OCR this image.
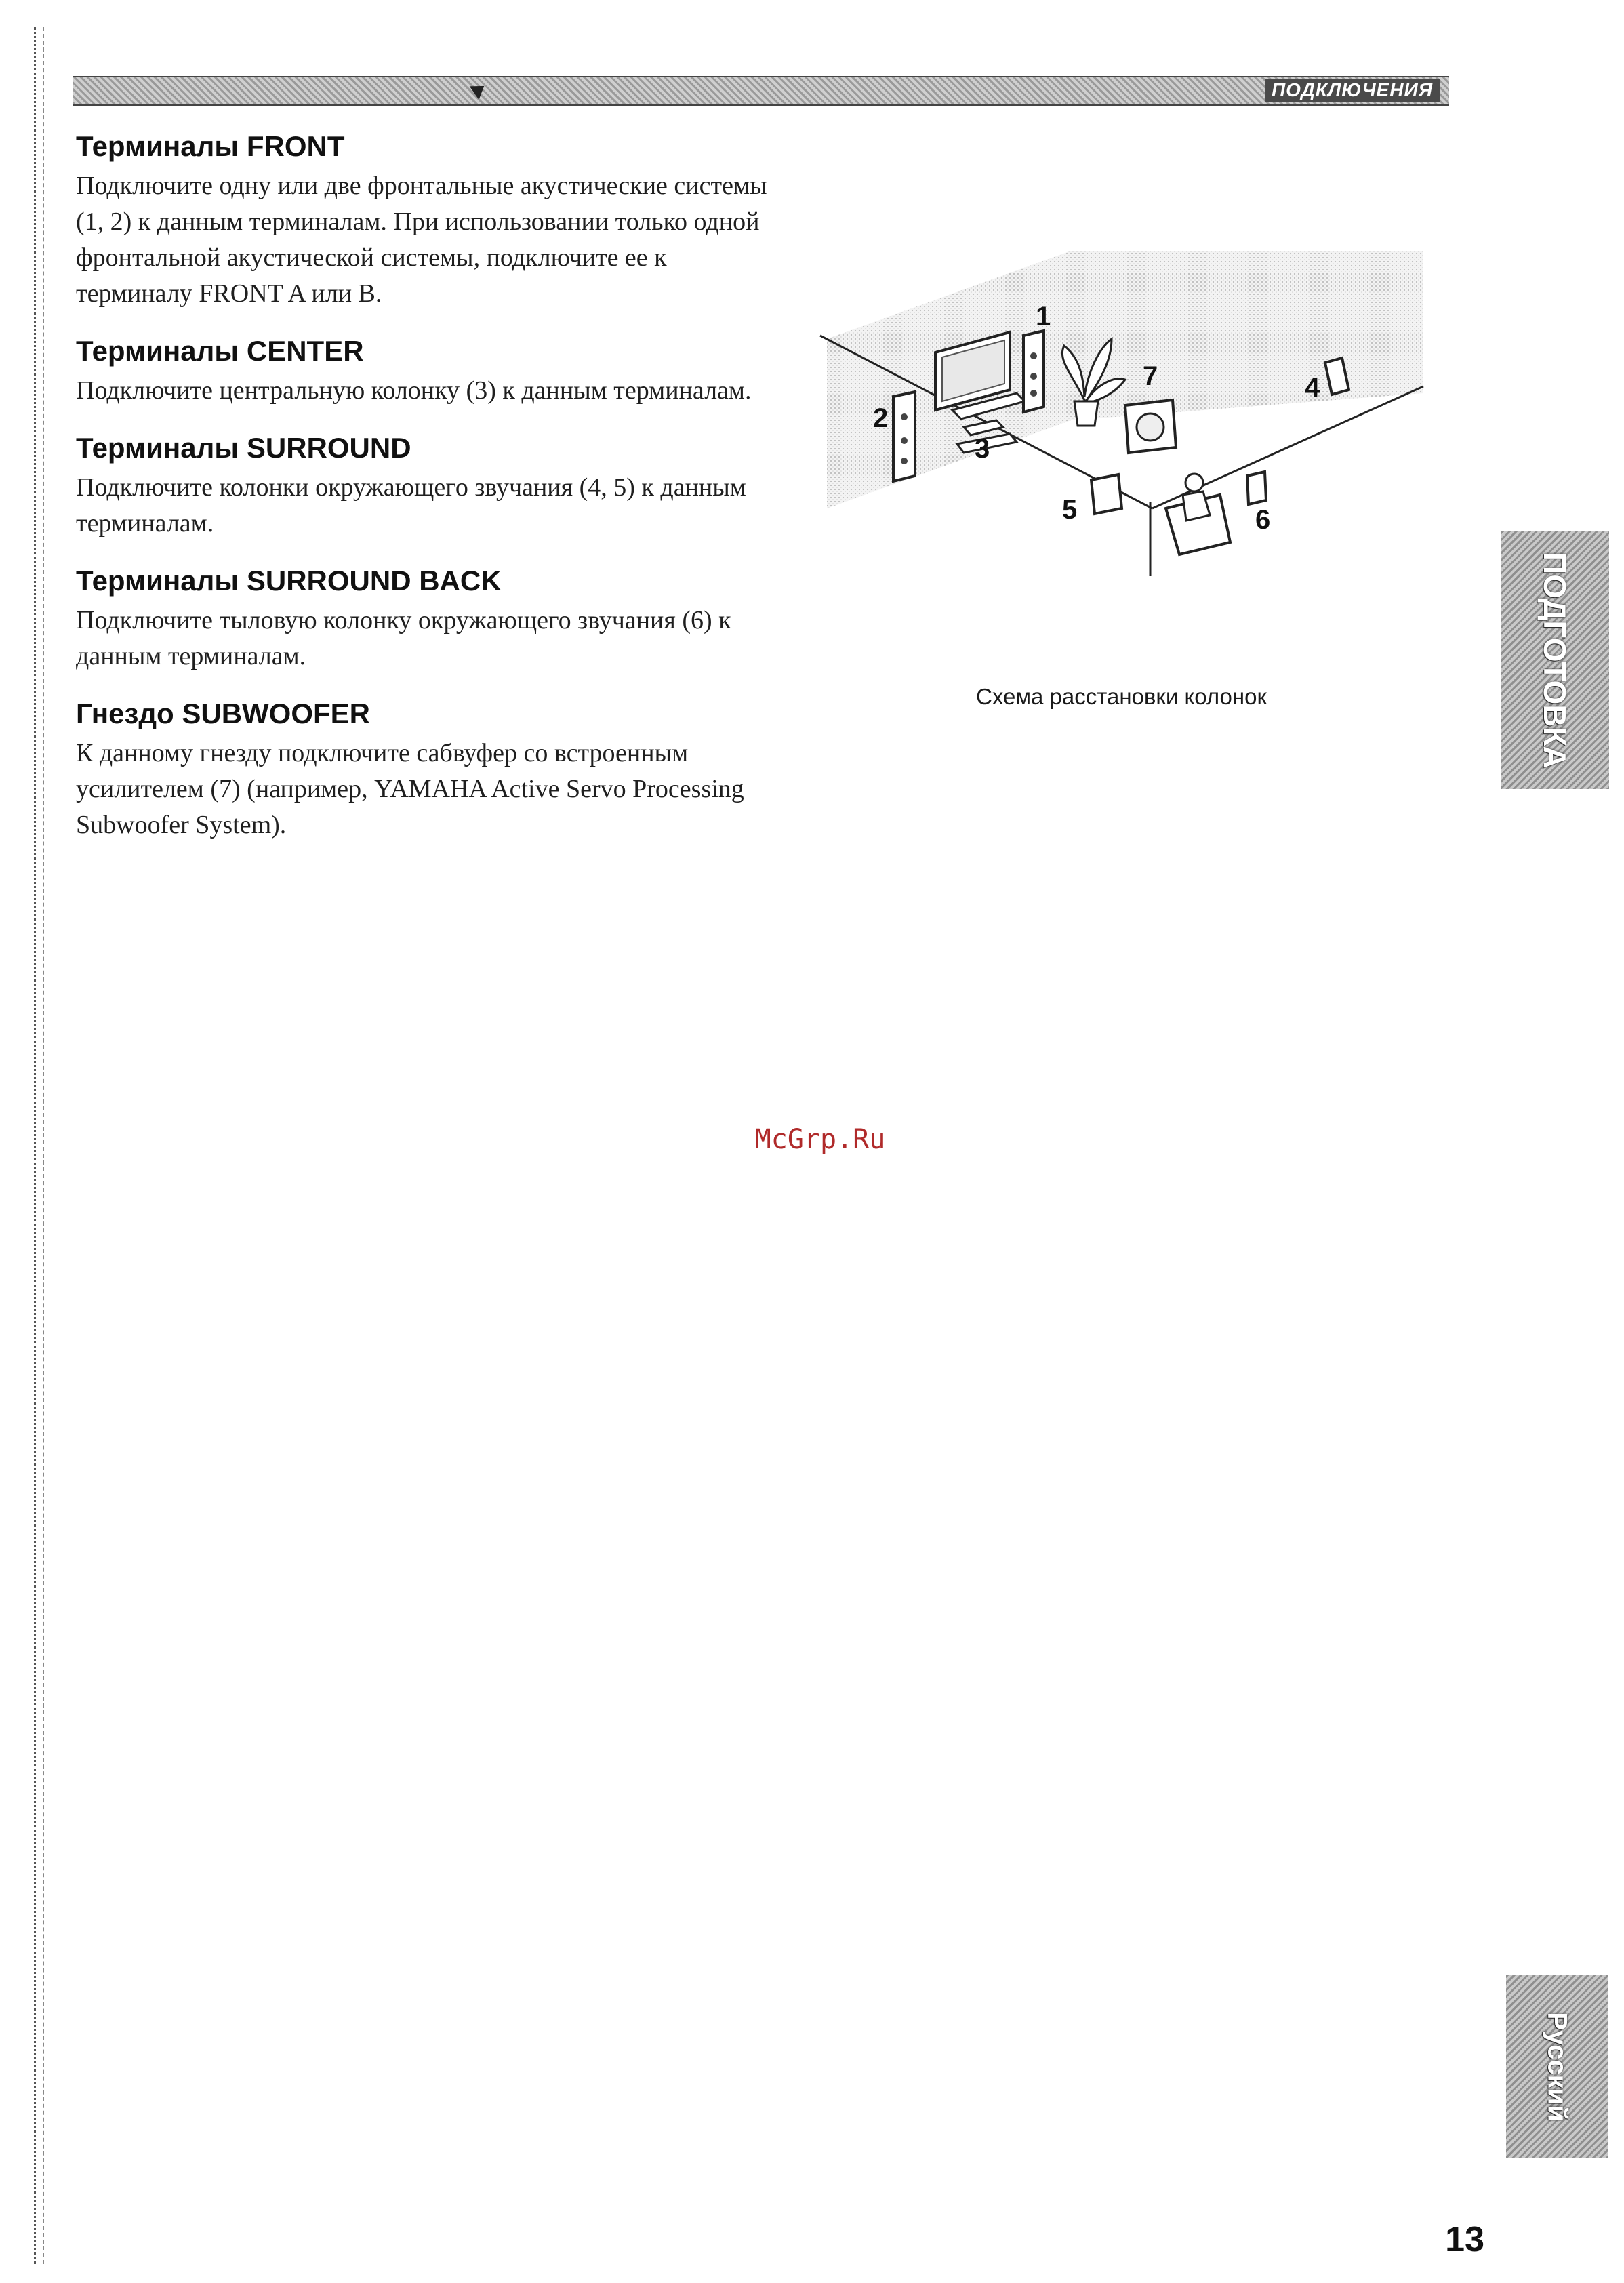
ПОДКЛЮЧЕНИЯ
Терминалы FRONT

Подключите одну или две фронтальные акустические системы (1, 2) к данным терминалам. При использовании только одной фронтальной акустической системы, подключите ее к терминалу FRONT A или B.

Терминалы CENTER

Подключите центральную колонку (3) к данным терминалам.

Терминалы SURROUND

Подключите колонки окружающего звучания (4, 5) к данным терминалам.

Терминалы SURROUND BACK

Подключите тыловую колонку окружающего звучания (6) к данным терминалам.

Гнездо SUBWOOFER

К данному гнезду подключите сабвуфер со встроенным усилителем (7) (например, YAMAHA Active Servo Processing Subwoofer System).

1
2
3
4
5	6
7
Схема расстановки колонок
McGrp.Ru
ПОДГОТОВКА
Русский
13
